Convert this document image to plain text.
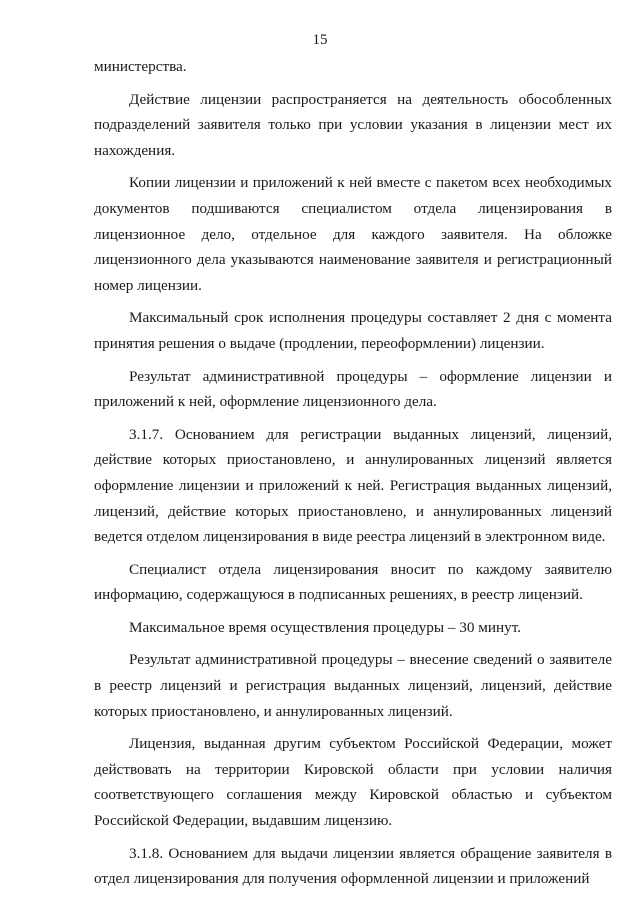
15

министерства.

Действие лицензии распространяется на деятельность обособленных подразделений заявителя только при условии указания в лицензии мест их нахождения.

Копии лицензии и приложений к ней вместе с пакетом всех необходимых документов подшиваются специалистом отдела лицензирования в лицензионное дело, отдельное для каждого заявителя. На обложке лицензионного дела указываются наименование заявителя и регистрационный номер лицензии.

Максимальный срок исполнения процедуры составляет 2 дня с момента принятия решения о выдаче (продлении, переоформлении) лицензии.

Результат административной процедуры – оформление лицензии и приложений к ней, оформление лицензионного дела.

3.1.7. Основанием для регистрации выданных лицензий, лицензий, действие которых приостановлено, и аннулированных лицензий является оформление лицензии и приложений к ней. Регистрация выданных лицензий, лицензий, действие которых приостановлено, и аннулированных лицензий ведется отделом лицензирования в виде реестра лицензий в электронном виде.

Специалист отдела лицензирования вносит по каждому заявителю информацию, содержащуюся в подписанных решениях, в реестр лицензий.

Максимальное время осуществления процедуры – 30 минут.

Результат административной процедуры – внесение сведений о заявителе в реестр лицензий и регистрация выданных лицензий, лицензий, действие которых приостановлено, и аннулированных лицензий.

Лицензия, выданная другим субъектом Российской Федерации, может действовать на территории Кировской области при условии наличия соответствующего соглашения между Кировской областью и субъектом Российской Федерации, выдавшим лицензию.

3.1.8. Основанием для выдачи лицензии является обращение заявителя в отдел лицензирования для получения оформленной лицензии и приложений
